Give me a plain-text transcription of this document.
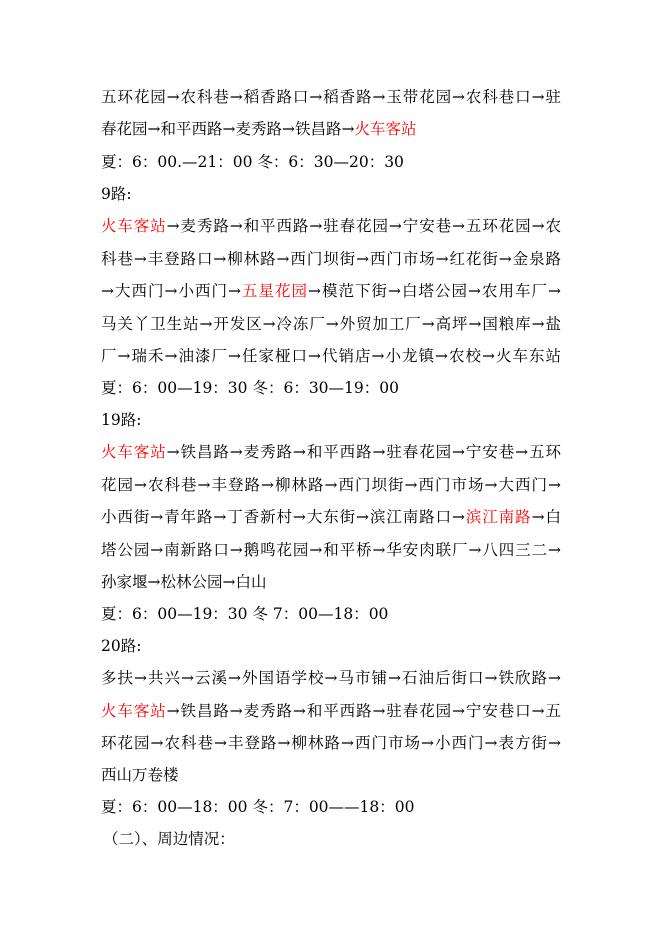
五环花园→农科巷→稻香路口→稻香路→玉带花园→农科巷口→驻
春花园→和平西路→麦秀路→铁昌路→火车客站
夏：6：00.—21：00 冬：6：30—20：30
9路:
火车客站→麦秀路→和平西路→驻春花园→宁安巷→五环花园→农
科巷→丰登路口→柳林路→西门坝街→西门市场→红花街→金泉路
→大西门→小西门→五星花园→模范下街→白塔公园→农用车厂→
马关丫卫生站→开发区→冷冻厂→外贸加工厂→高坪→国粮库→盐
厂→瑞禾→油漆厂→任家桠口→代销店→小龙镇→农校→火车东站
夏：6：00—19：30 冬：6：30—19：00
19路:
火车客站→铁昌路→麦秀路→和平西路→驻春花园→宁安巷→五环
花园→农科巷→丰登路→柳林路→西门坝街→西门市场→大西门→
小西街→青年路→丁香新村→大东街→滨江南路口→滨江南路→白
塔公园→南新路口→鹅鸣花园→和平桥→华安肉联厂→八四三二→
孙家堰→松林公园→白山
夏：6：00—19：30 冬 7：00—18：00
20路:
多扶→共兴→云溪→外国语学校→马市铺→石油后街口→铁欣路→
火车客站→铁昌路→麦秀路→和平西路→驻春花园→宁安巷口→五
环花园→农科巷→丰登路→柳林路→西门市场→小西门→表方街→
西山万卷楼
夏：6：00—18：00 冬：7：00——18：00
（二）、周边情况：
